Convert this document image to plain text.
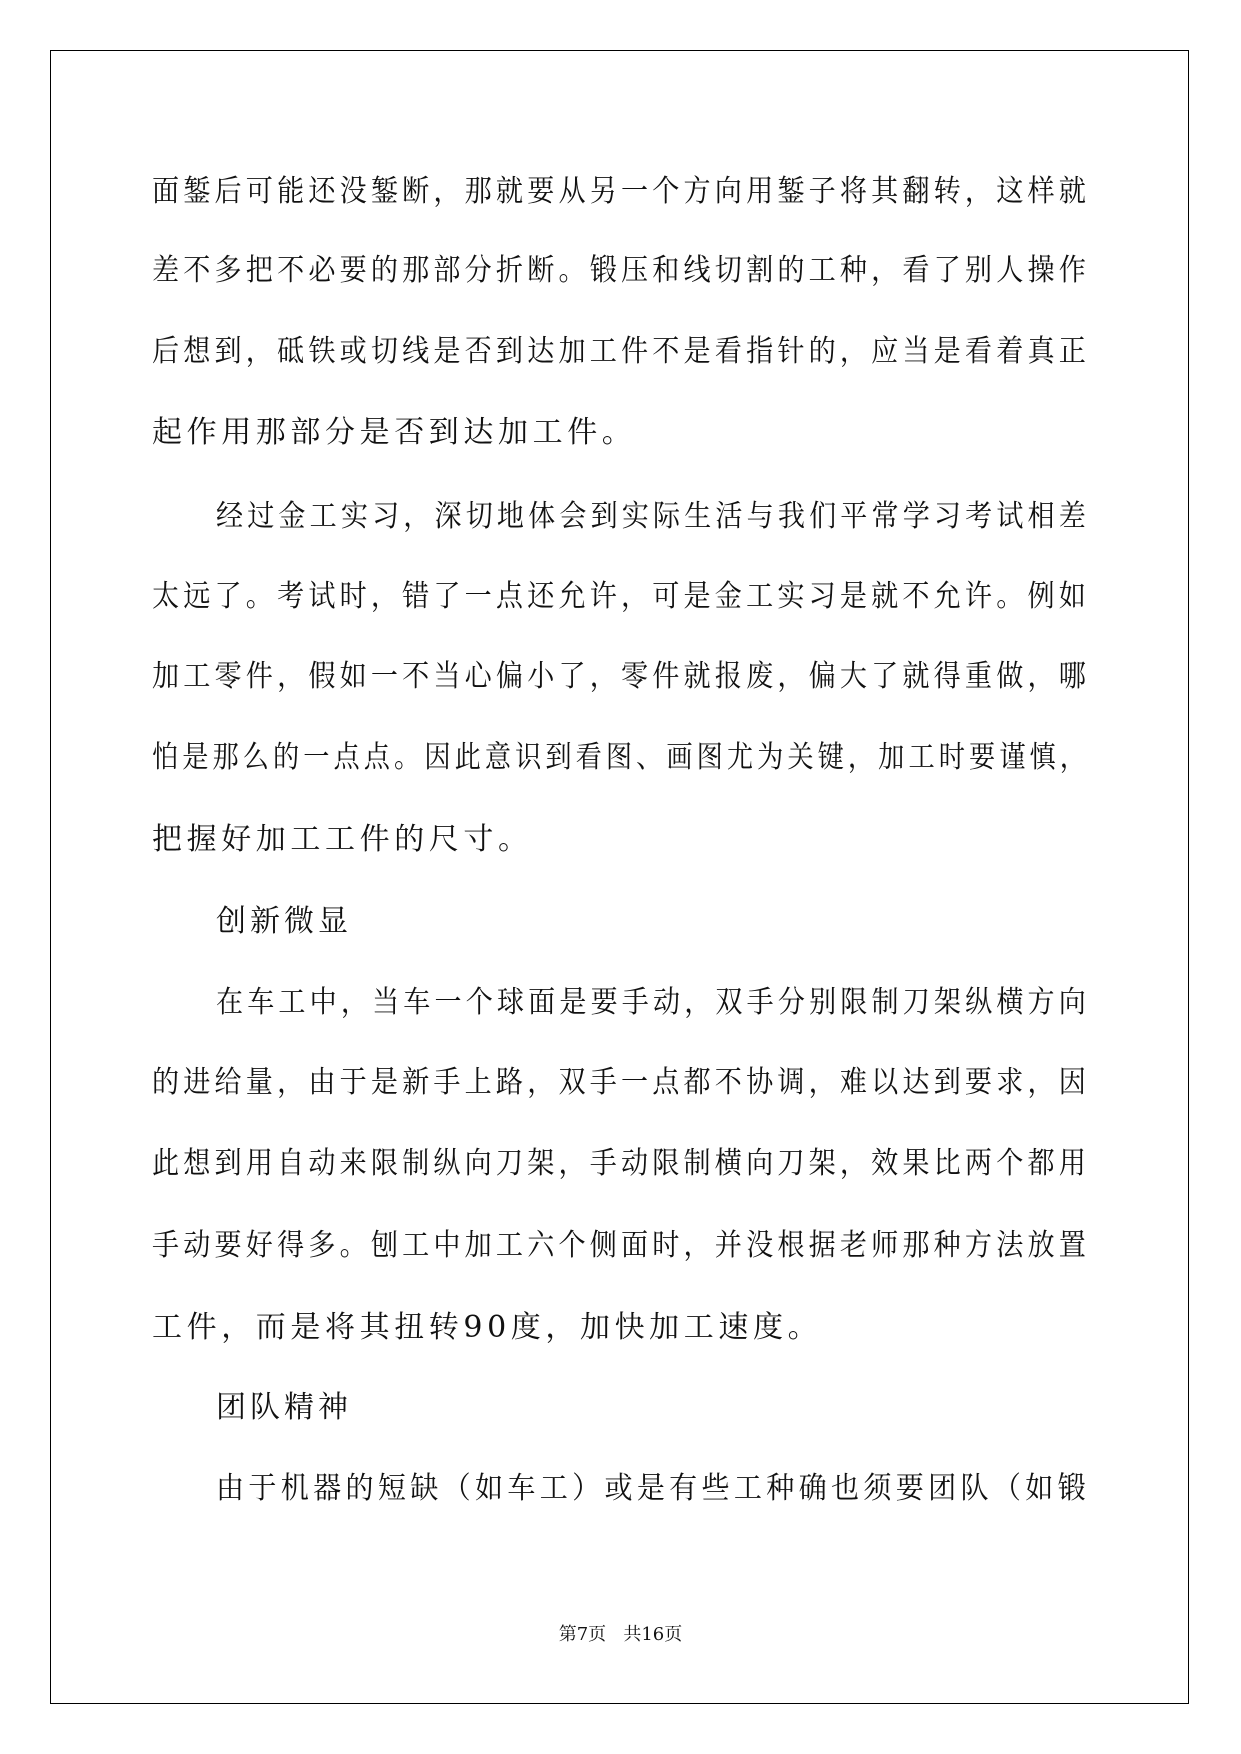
面錾后可能还没錾断，那就要从另一个方向用錾子将其翻转，这样就

差不多把不必要的那部分折断。锻压和线切割的工种，看了别人操作

后想到，砥铁或切线是否到达加工件不是看指针的，应当是看着真正

起作用那部分是否到达加工件。

经过金工实习，深切地体会到实际生活与我们平常学习考试相差

太远了。考试时，错了一点还允许，可是金工实习是就不允许。例如

加工零件，假如一不当心偏小了，零件就报废，偏大了就得重做，哪

怕是那么的一点点。因此意识到看图、画图尤为关键，加工时要谨慎，

把握好加工工件的尺寸。

创新微显

在车工中，当车一个球面是要手动，双手分别限制刀架纵横方向

的进给量，由于是新手上路，双手一点都不协调，难以达到要求，因

此想到用自动来限制纵向刀架，手动限制横向刀架，效果比两个都用

手动要好得多。刨工中加工六个侧面时，并没根据老师那种方法放置

工件，而是将其扭转90度，加快加工速度。

团队精神

由于机器的短缺（如车工）或是有些工种确也须要团队（如锻

第7页 共16页
